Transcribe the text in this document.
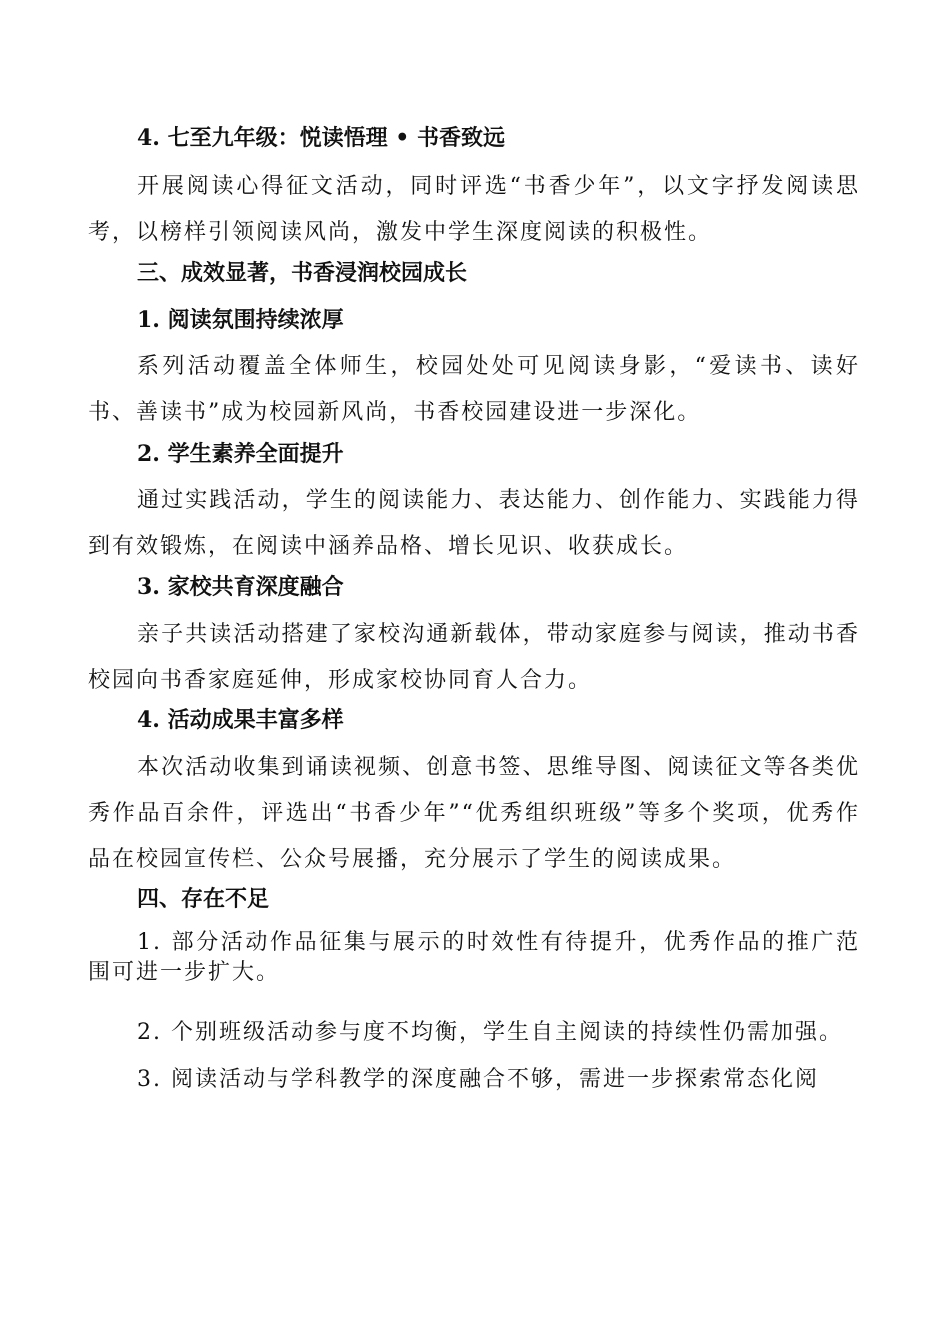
4. 七至九年级：悦读悟理 • 书香致远

开展阅读心得征文活动，同时评选“书香少年”，以文字抒发阅读思考，以榜样引领阅读风尚，激发中学生深度阅读的积极性。

三、成效显著，书香浸润校园成长
1. 阅读氛围持续浓厚

系列活动覆盖全体师生，校园处处可见阅读身影，“爱读书、读好书、善读书”成为校园新风尚，书香校园建设进一步深化。

2. 学生素养全面提升

通过实践活动，学生的阅读能力、表达能力、创作能力、实践能力得到有效锻炼，在阅读中涵养品格、增长见识、收获成长。

3. 家校共育深度融合

亲子共读活动搭建了家校沟通新载体，带动家庭参与阅读，推动书香校园向书香家庭延伸，形成家校协同育人合力。

4. 活动成果丰富多样

本次活动收集到诵读视频、创意书签、思维导图、阅读征文等各类优秀作品百余件，评选出“书香少年”“优秀组织班级”等多个奖项，优秀作品在校园宣传栏、公众号展播，充分展示了学生的阅读成果。

四、存在不足

1. 部分活动作品征集与展示的时效性有待提升，优秀作品的推广范围可进一步扩大。

2. 个别班级活动参与度不均衡，学生自主阅读的持续性仍需加强。

3. 阅读活动与学科教学的深度融合不够，需进一步探索常态化阅
